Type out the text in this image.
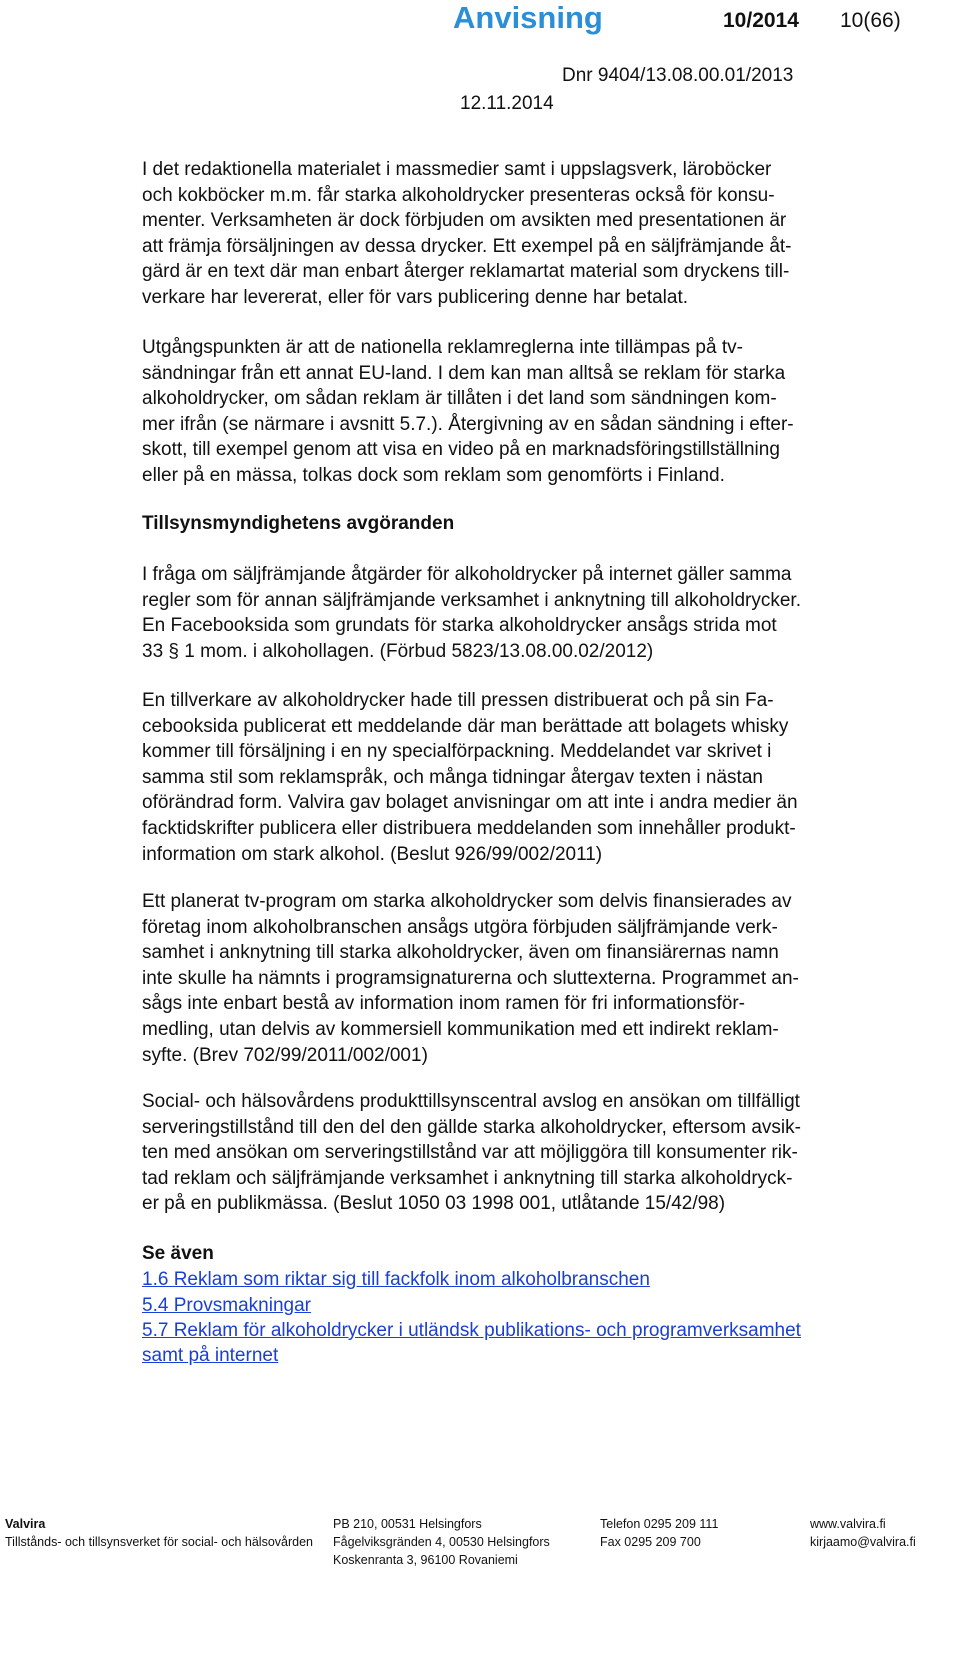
Anvisning	10/2014 10(66)
Dnr 9404/13.08.00.01/2013
12.11.2014
I det redaktionella materialet i massmedier samt i uppslagsverk, läroböcker
och kokböcker m.m. får starka alkoholdrycker presenteras också för konsu-
menter. Verksamheten är dock förbjuden om avsikten med presentationen är
att främja försäljningen av dessa drycker. Ett exempel på en säljfrämjande åt-
gärd är en text där man enbart återger reklamartat material som dryckens till-
verkare har levererat, eller för vars publicering denne har betalat.
Utgångspunkten är att de nationella reklamreglerna inte tillämpas på tv-
sändningar från ett annat EU-land. I dem kan man alltså se reklam för starka
alkoholdrycker, om sådan reklam är tillåten i det land som sändningen kom-
mer ifrån (se närmare i avsnitt 5.7.). Återgivning av en sådan sändning i efter-
skott, till exempel genom att visa en video på en marknadsföringstillställning
eller på en mässa, tolkas dock som reklam som genomförts i Finland.
Tillsynsmyndighetens avgöranden
I fråga om säljfrämjande åtgärder för alkoholdrycker på internet gäller samma
regler som för annan säljfrämjande verksamhet i anknytning till alkoholdrycker.
En Facebooksida som grundats för starka alkoholdrycker ansågs strida mot
33 § 1 mom. i alkohollagen. (Förbud 5823/13.08.00.02/2012)
En tillverkare av alkoholdrycker hade till pressen distribuerat och på sin Fa-
cebooksida publicerat ett meddelande där man berättade att bolagets whisky
kommer till försäljning i en ny specialförpackning. Meddelandet var skrivet i
samma stil som reklamspråk, och många tidningar återgav texten i nästan
oförändrad form. Valvira gav bolaget anvisningar om att inte i andra medier än
facktidskrifter publicera eller distribuera meddelanden som innehåller produkt-
information om stark alkohol. (Beslut 926/99/002/2011)
Ett planerat tv-program om starka alkoholdrycker som delvis finansierades av
företag inom alkoholbranschen ansågs utgöra förbjuden säljfrämjande verk-
samhet i anknytning till starka alkoholdrycker, även om finansiärernas namn
inte skulle ha nämnts i programsignaturerna och sluttexterna. Programmet an-
sågs inte enbart bestå av information inom ramen för fri informationsför-
medling, utan delvis av kommersiell kommunikation med ett indirekt reklam-
syfte. (Brev 702/99/2011/002/001)
Social- och hälsovårdens produkttillsynscentral avslog en ansökan om tillfälligt
serveringstillstånd till den del den gällde starka alkoholdrycker, eftersom avsik-
ten med ansökan om serveringstillstånd var att möjliggöra till konsumenter rik-
tad reklam och säljfrämjande verksamhet i anknytning till starka alkoholdryck-
er på en publikmässa. (Beslut 1050 03 1998 001, utlåtande 15/42/98)
Se även
1.6 Reklam som riktar sig till fackfolk inom alkoholbranschen
5.4 Provsmakningar
5.7 Reklam för alkoholdrycker i utländsk publikations- och programverksamhet
samt på internet
Valvira
Tillstånds- och tillsynsverket för social- och hälsovården
PB 210, 00531 Helsingfors
Fågelviksgränden 4, 00530 Helsingfors
Koskenranta 3, 96100 Rovaniemi
Telefon 0295 209 111
Fax 0295 209 700
www.valvira.fi
kirjaamo@valvira.fi
